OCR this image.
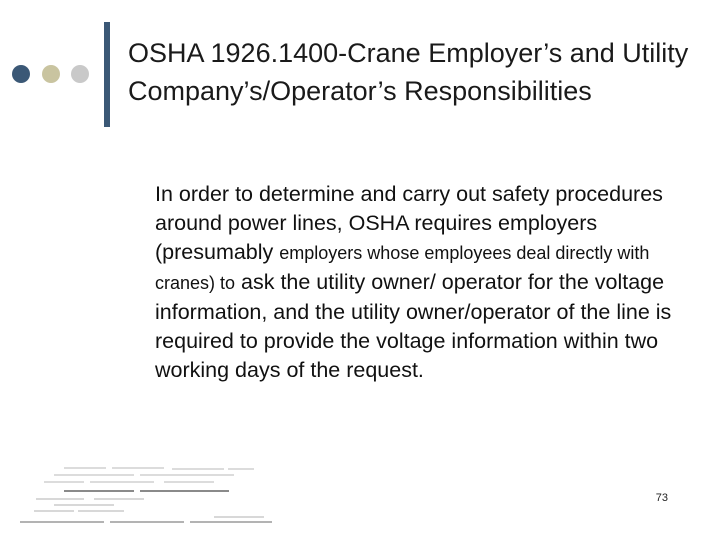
OSHA 1926.1400-Crane Employer’s and Utility Company’s/Operator’s Responsibilities

In order to determine and carry out safety procedures around power lines, OSHA requires employers (presumably employers whose employees deal directly with cranes) to ask the utility owner/ operator for the voltage information, and the utility owner/operator of the line is required to provide the voltage information within two working days of the request.

73
